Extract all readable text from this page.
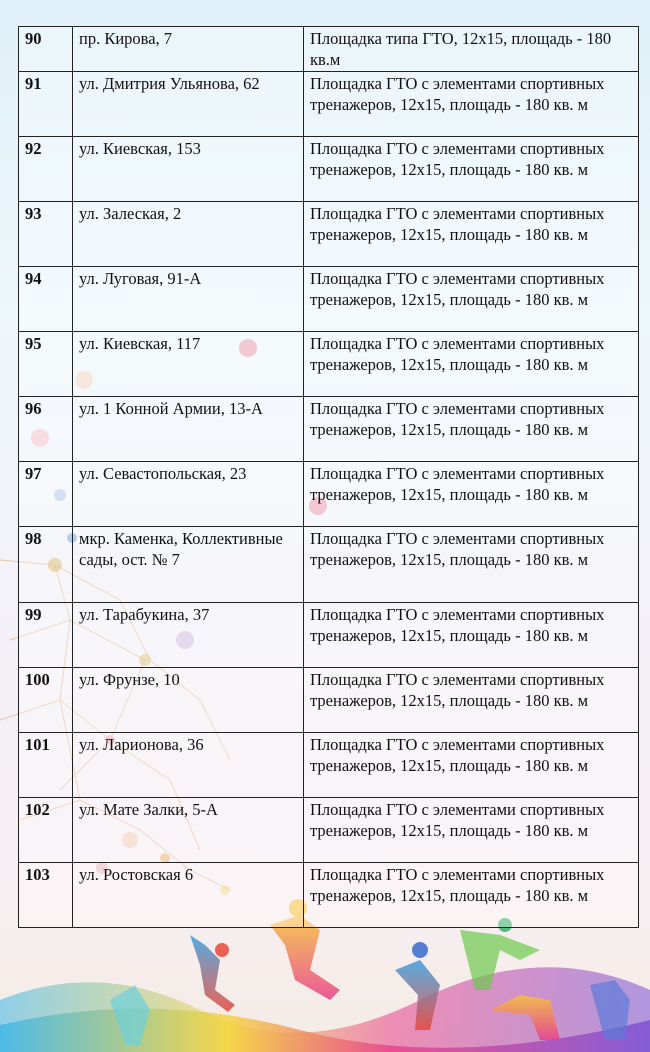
90	пр. Кирова, 7	Площадка типа ГТО, 12х15, площадь - 180 кв.м
91	ул. Дмитрия Ульянова, 62	Площадка ГТО с элементами спортивных тренажеров, 12х15, площадь - 180 кв. м
92	ул. Киевская, 153	Площадка ГТО с элементами спортивных тренажеров, 12х15, площадь - 180 кв. м
93	ул. Залеская, 2	Площадка ГТО с элементами спортивных тренажеров, 12х15, площадь - 180 кв. м
94	ул. Луговая, 91-А	Площадка ГТО с элементами спортивных тренажеров, 12х15, площадь - 180 кв. м
95	ул. Киевская, 117	Площадка ГТО с элементами спортивных тренажеров, 12х15, площадь - 180 кв. м
96	ул. 1 Конной Армии, 13-А	Площадка ГТО с элементами спортивных тренажеров, 12х15, площадь - 180 кв. м
97	ул. Севастопольская, 23	Площадка ГТО с элементами спортивных тренажеров, 12х15, площадь - 180 кв. м
98	мкр. Каменка, Коллективные сады, ост. № 7	Площадка ГТО с элементами спортивных тренажеров, 12х15, площадь - 180 кв. м
99	ул. Тарабукина, 37	Площадка ГТО с элементами спортивных тренажеров, 12х15, площадь - 180 кв. м
100	ул. Фрунзе, 10	Площадка ГТО с элементами спортивных тренажеров, 12х15, площадь - 180 кв. м
101	ул. Ларионова, 36	Площадка ГТО с элементами спортивных тренажеров, 12х15, площадь - 180 кв. м
102	ул. Мате Залки, 5-А	Площадка ГТО с элементами спортивных тренажеров, 12х15, площадь - 180 кв. м
103	ул. Ростовская 6	Площадка ГТО с элементами спортивных тренажеров, 12х15, площадь - 180 кв. м
